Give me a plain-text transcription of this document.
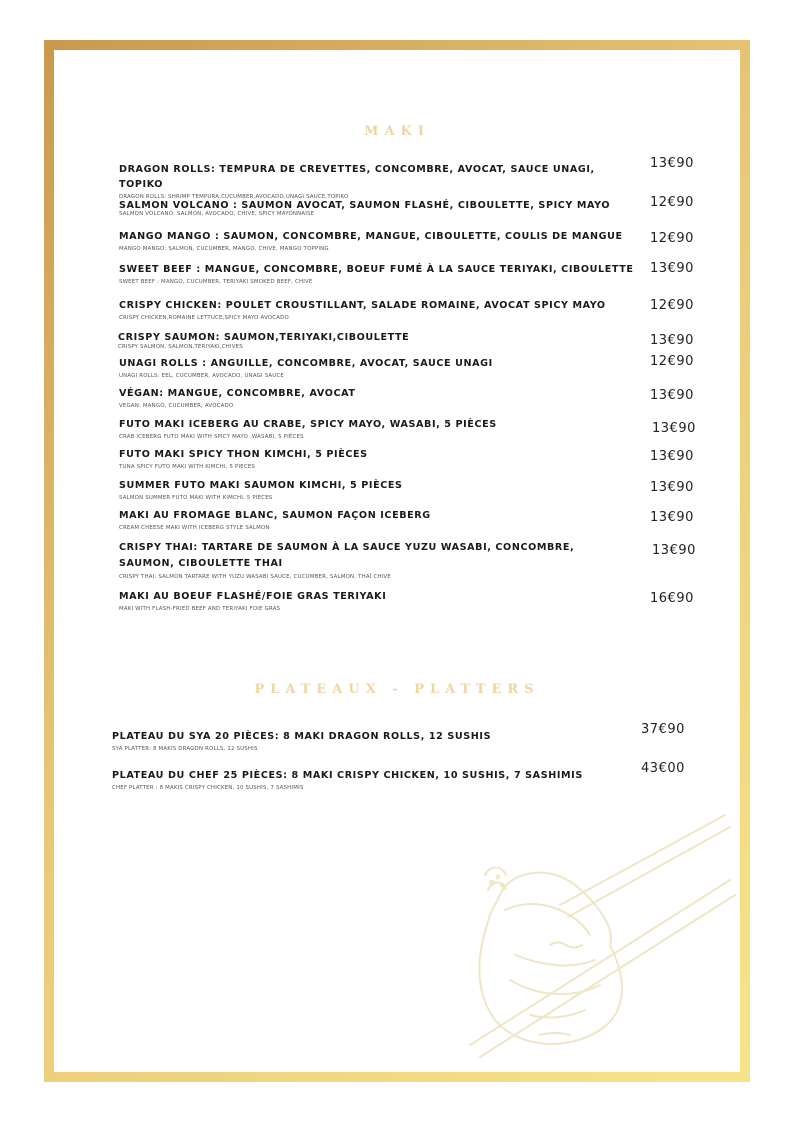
MAKI
DRAGON ROLLS: TEMPURA DE CREVETTES, CONCOMBRE, AVOCAT, SAUCE UNAGI, TOPIKO
DRAGON ROLLS: SHRIMP TEMPURA,CUCUMBER,AVOCADO,UNAGI SAUCE,TOPIKO
13€90
SALMON VOLCANO : SAUMON AVOCAT, SAUMON FLASHÉ, CIBOULETTE, SPICY MAYO
SALMON VOLCANO: SALMON, AVOCADO, CHIVE, SPICY MAYONNAISE
12€90
MANGO MANGO : SAUMON, CONCOMBRE, MANGUE, CIBOULETTE, COULIS DE MANGUE
MANGO MANGO: SALMON, CUCUMBER, MANGO, CHIVE, MANGO TOPPING
12€90
SWEET BEEF : MANGUE, CONCOMBRE, BOEUF FUMÉ À LA SAUCE TERIYAKI, CIBOULETTE
SWEET BEEF : MANGO, CUCUMBER, TERIYAKI SMOKED BEEF, CHIVE
13€90
CRISPY CHICKEN: POULET CROUSTILLANT, SALADE ROMAINE, AVOCAT SPICY MAYO
CRISPY CHICKEN,ROMAINE LETTUCE,SPICY MAYO AVOCADO
12€90
CRISPY SAUMON: SAUMON,TERIYAKI,CIBOULETTE
CRISPY SALMON, SALMON,TERIYAKI,CHIVES	13€90
UNAGI ROLLS : ANGUILLE, CONCOMBRE, AVOCAT, SAUCE UNAGI
UNAGI ROLLS: EEL, CUCUMBER, AVOCADO, UNAGI SAUCE
12€90
VÉGAN: MANGUE, CONCOMBRE, AVOCAT
VEGAN: MANGO, CUCUMBER, AVOCADO
13€90
FUTO MAKI ICEBERG AU CRABE, SPICY MAYO, WASABI, 5 PIÈCES
CRAB ICEBERG FUTO MAKI WITH SPICY MAYO ,WASABI, 5 PIÈCES
13€90
FUTO MAKI SPICY THON KIMCHI, 5 PIÈCES
TUNA SPICY FUTO MAKI WITH KIMCHI, 5 PIECES
13€90
SUMMER FUTO MAKI SAUMON KIMCHI, 5 PIÈCES
SALMON SUMMER FUTO MAKI WITH KIMCHI, 5 PIECES
13€90
MAKI AU FROMAGE BLANC, SAUMON FAÇON ICEBERG
CREAM CHEESE MAKI WITH ICEBERG STYLE SALMON
13€90
CRISPY THAI: TARTARE DE SAUMON À LA SAUCE YUZU WASABI, CONCOMBRE, SAUMON, CIBOULETTE THAI
CRISPY THAI: SALMON TARTARE WITH YUZU WASABI SAUCE, CUCUMBER, SALMON, THAÏ CHIVE
13€90
MAKI AU BOEUF FLASHÉ/FOIE GRAS TERIYAKI
MAKI WITH FLASH-FRIED BEEF AND TERIYAKI FOIE GRAS
16€90
PLATEAUX - PLATTERS
PLATEAU DU SYA 20 PIÈCES: 8 MAKI DRAGON ROLLS, 12 SUSHIS
SYA PLATTER: 8 MAKIS DRAGON ROLLS, 12 SUSHIS
37€90
PLATEAU DU CHEF 25 PIÈCES: 8 MAKI CRISPY CHICKEN, 10 SUSHIS, 7 SASHIMIS
CHEF PLATTER : 8 MAKIS CRISPY CHICKEN, 10 SUSHIS, 7 SASHIMIS
43€00
